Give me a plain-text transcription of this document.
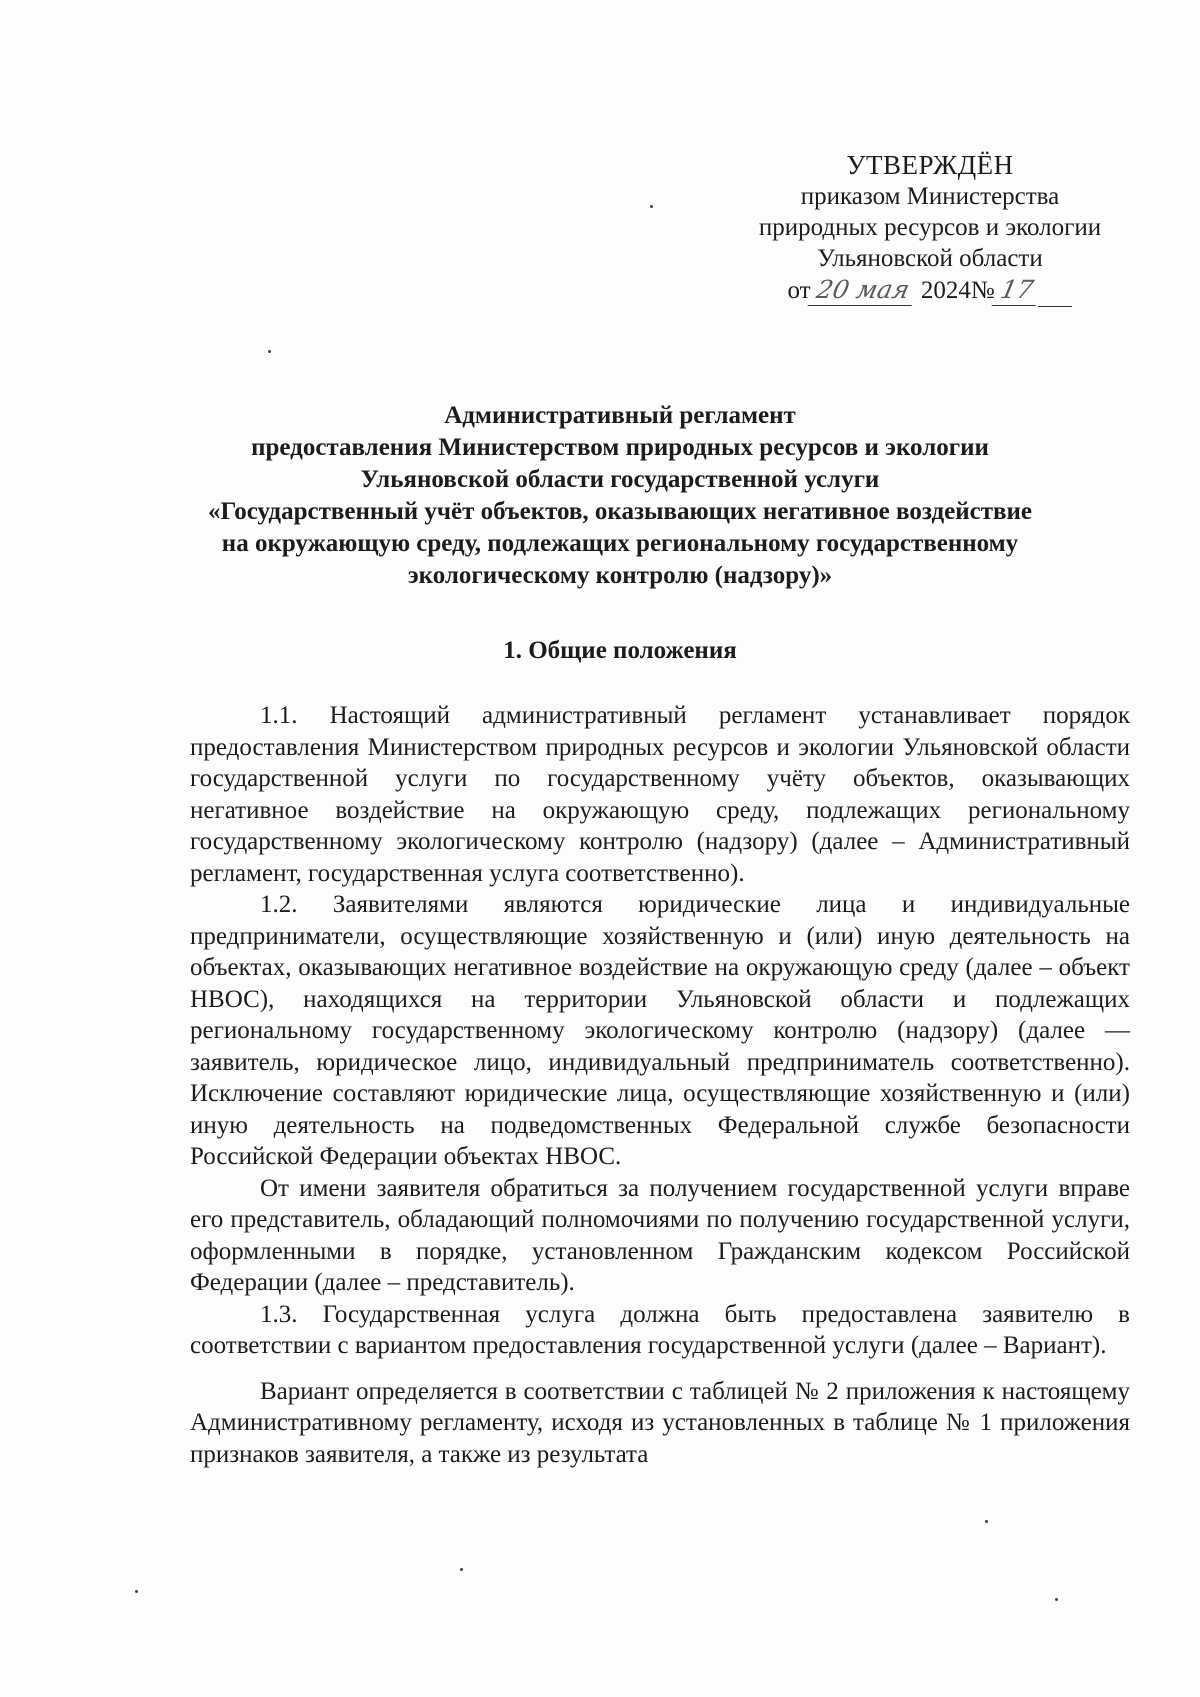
УТВЕРЖДЁН
приказом Министерства
природных ресурсов и экологии
Ульяновской области
от 20 мая 2024№ 17
Административный регламент
предоставления Министерством природных ресурсов и экологии
Ульяновской области государственной услуги
«Государственный учёт объектов, оказывающих негативное воздействие
на окружающую среду, подлежащих региональному государственному
экологическому контролю (надзору)»
1. Общие положения

1.1. Настоящий административный регламент устанавливает порядок предоставления Министерством природных ресурсов и экологии Ульяновской области государственной услуги по государственному учёту объектов, оказывающих негативное воздействие на окружающую среду, подлежащих региональному государственному экологическому контролю (надзору) (далее – Административный регламент, государственная услуга соответственно).

1.2. Заявителями являются юридические лица и индивидуальные предприниматели, осуществляющие хозяйственную и (или) иную деятельность на объектах, оказывающих негативное воздействие на окружающую среду (далее – объект НВОС), находящихся на территории Ульяновской области и подлежащих региональному государственному экологическому контролю (надзору) (далее — заявитель, юридическое лицо, индивидуальный предприниматель соответственно). Исключение составляют юридические лица, осуществляющие хозяйственную и (или) иную деятельность на подведомственных Федеральной службе безопасности Российской Федерации объектах НВОС.

От имени заявителя обратиться за получением государственной услуги вправе его представитель, обладающий полномочиями по получению государственной услуги, оформленными в порядке, установленном Гражданским кодексом Российской Федерации (далее – представитель).

1.3. Государственная услуга должна быть предоставлена заявителю в соответствии с вариантом предоставления государственной услуги (далее – Вариант).

Вариант определяется в соответствии с таблицей № 2 приложения к настоящему Административному регламенту, исходя из установленных в таблице № 1 приложения признаков заявителя, а также из результата
